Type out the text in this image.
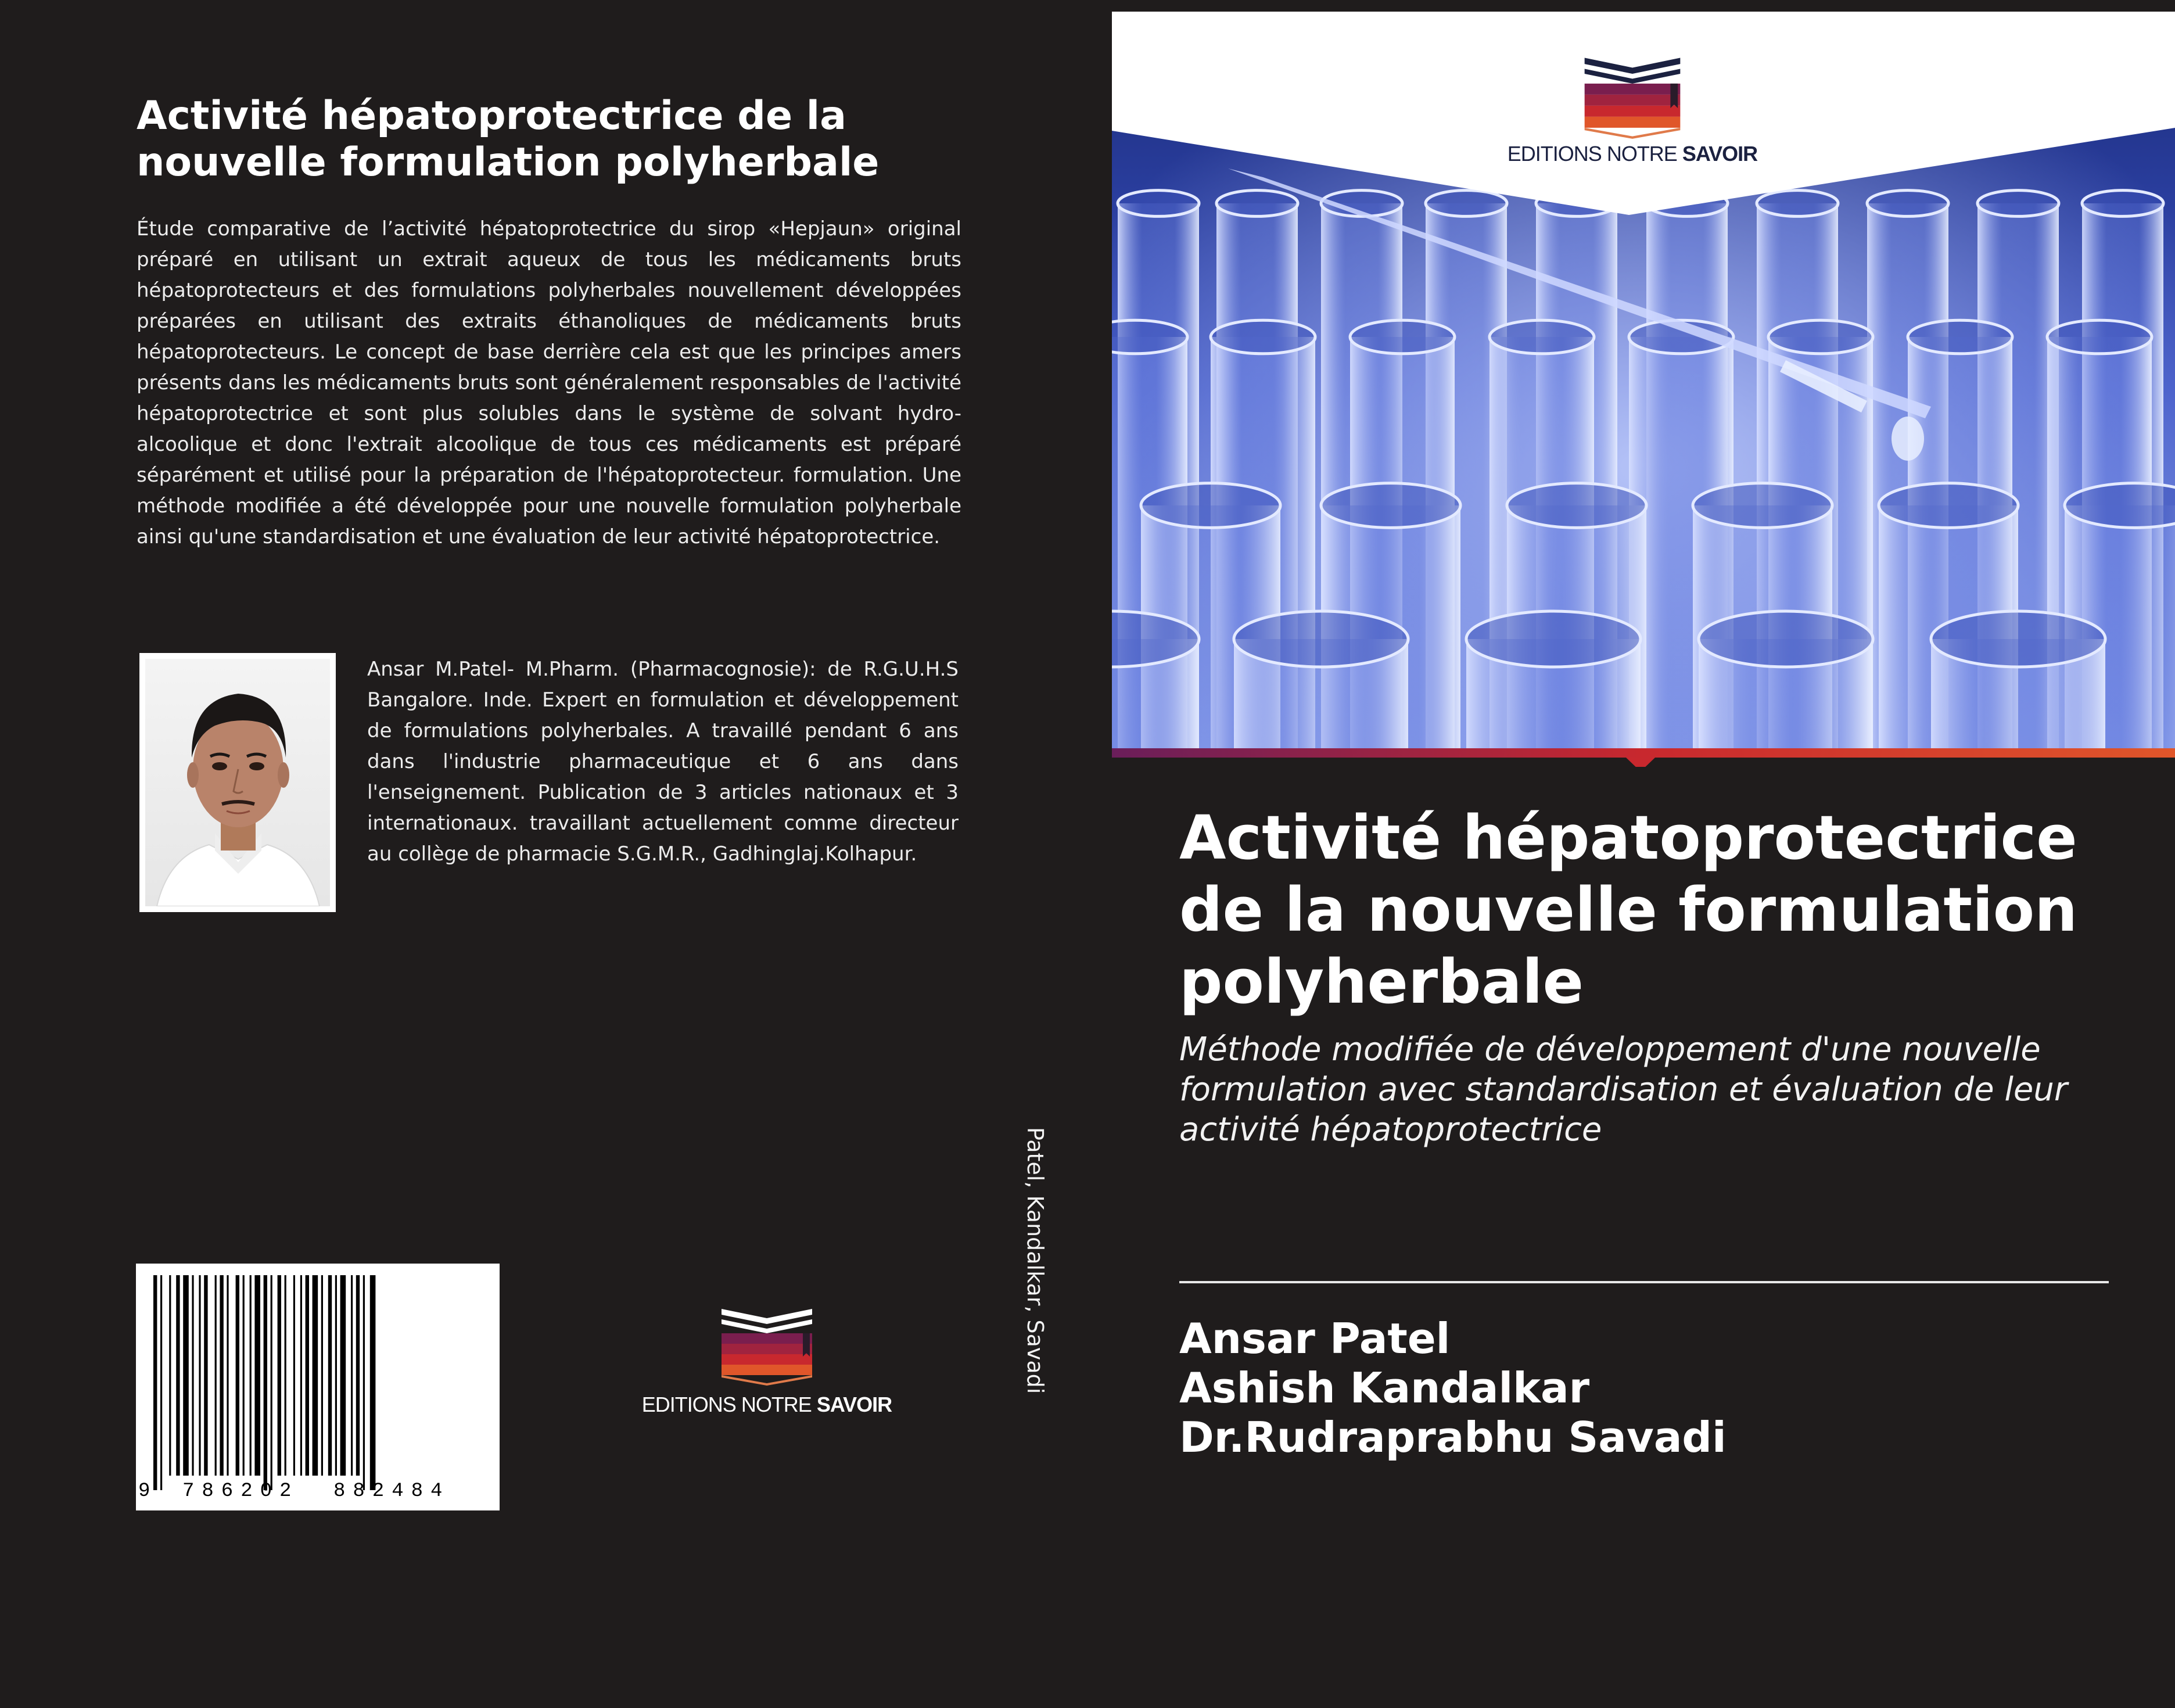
Activité hépatoprotectrice de la
nouvelle formulation polyherbale

Étude comparative de l’activité hépatoprotectrice du sirop «Hepjaun» original préparé en utilisant un extrait aqueux de tous les médicaments bruts hépatoprotecteurs et des formulations polyherbales nouvellement développées préparées en utilisant des extraits éthanoliques de médicaments bruts hépatoprotecteurs. Le concept de base derrière cela est que les principes amers présents dans les médicaments bruts sont généralement responsables de l'activité hépatoprotectrice et sont plus solubles dans le système de solvant hydro-alcoolique et donc l'extrait alcoolique de tous ces médicaments est préparé séparément et utilisé pour la préparation de l'hépatoprotecteur. formulation. Une méthode modifiée a été développée pour une nouvelle formulation polyherbale ainsi qu'une standardisation et une évaluation de leur activité hépatoprotectrice.

Ansar M.Patel- M.Pharm. (Pharmacognosie): de R.G.U.H.S Bangalore. Inde. Expert en formulation et développement de formulations polyherbales. A travaillé pendant 6 ans dans l'industrie pharmaceutique et 6 ans dans l'enseignement. Publication de 3 articles nationaux et 3 internationaux. travaillant actuellement comme directeur au collège de pharmacie S.G.M.R., Gadhinglaj.Kolhapur.

9 786202 882484
EDITIONS NOTRE SAVOIR
Patel, Kandalkar, Savadi
EDITIONS NOTRE SAVOIR
Activité hépatoprotectrice de la nouvelle formulation polyherbale

Méthode modifiée de développement d'une nouvelle formulation avec standardisation et évaluation de leur activité hépatoprotectrice

Ansar Patel
Ashish Kandalkar
Dr.Rudraprabhu Savadi
